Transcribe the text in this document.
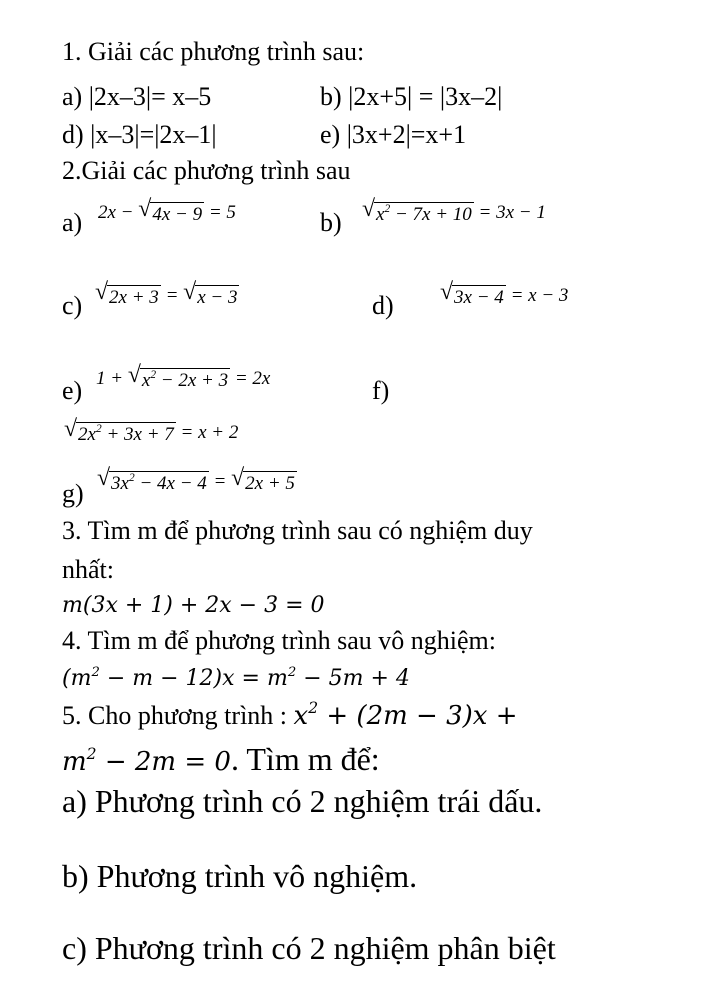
1. Giải các phương trình sau:
a) |2x–3|= x–5	b) |2x+5| = |3x–2|
d) |x–3|=|2x–1|	e) |3x+2|=x+1
2.Giải các phương trình sau
a) 2x − √ 4x − 9 = 5	b) √ $x^2 - 7x + 10 = 3x - 1$
c) √ 2x + 3 = √ x − 3	d) √ 3x − 4 = x − 3
e) 1 + √ $x^2 - 2x + 3 = 2x$	f)
√ $2x^2 + 3x + 7 = x + 2$
g)
√ $3x^2 - 4x - 4$ = √ 2x + 5
3. Tìm m để phương trình sau có nghiệm duy
nhất:
m(3x + 1) + 2x − 3 = 0
4. Tìm m để phương trình sau vô nghiệm:
$(m^2 - m - 12)x = m^2 - 5m + 4$
5. Cho phương trình : $x^2 + (2m - 3)x$ +
$m^2 - 2m = 0$. Tìm m để:
a) Phương trình có 2 nghiệm trái dấu.
b) Phương trình vô nghiệm.
c) Phương trình có 2 nghiệm phân biệt
